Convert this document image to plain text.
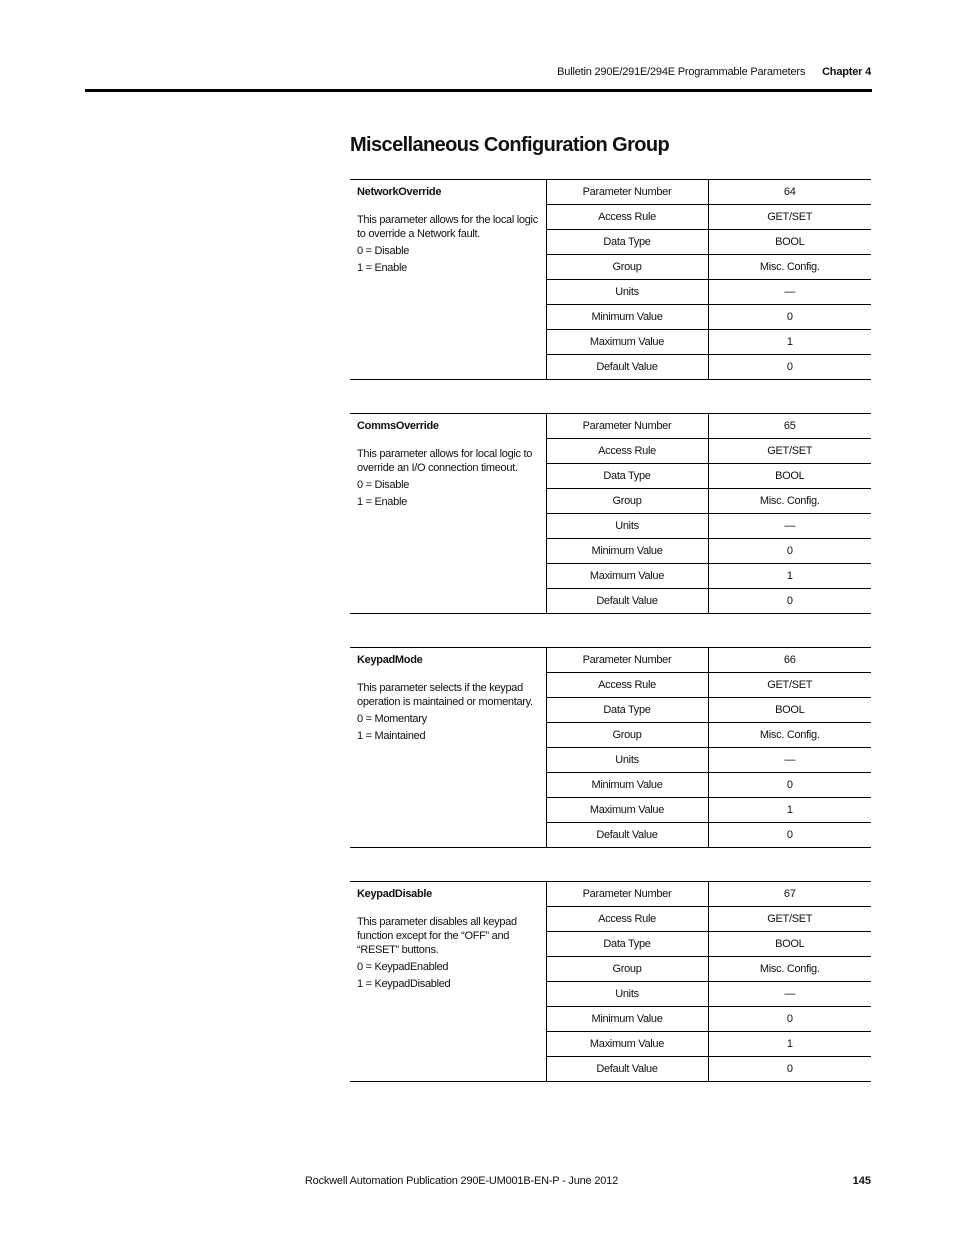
Bulletin 290E/291E/294E Programmable Parameters Chapter 4
Miscellaneous Configuration Group
NetworkOverride
This parameter allows for the local logic to override a Network fault.
0 = Disable
1 = Enable	Parameter Number	64
	Access Rule	GET/SET
	Data Type	BOOL
	Group	Misc. Config.
	Units	—
	Minimum Value	0
	Maximum Value	1
	Default Value	0
CommsOverride
This parameter allows for local logic to override an I/O connection timeout.
0 = Disable
1 = Enable	Parameter Number	65
	Access Rule	GET/SET
	Data Type	BOOL
	Group	Misc. Config.
	Units	—
	Minimum Value	0
	Maximum Value	1
	Default Value	0
KeypadMode
This parameter selects if the keypad operation is maintained or momentary.
0 = Momentary
1 = Maintained	Parameter Number	66
	Access Rule	GET/SET
	Data Type	BOOL
	Group	Misc. Config.
	Units	—
	Minimum Value	0
	Maximum Value	1
	Default Value	0
KeypadDisable
This parameter disables all keypad function except for the “OFF” and “RESET” buttons.
0 = KeypadEnabled
1 = KeypadDisabled	Parameter Number	67
	Access Rule	GET/SET
	Data Type	BOOL
	Group	Misc. Config.
	Units	—
	Minimum Value	0
	Maximum Value	1
	Default Value	0
Rockwell Automation Publication 290E-UM001B-EN-P - June 2012	145
